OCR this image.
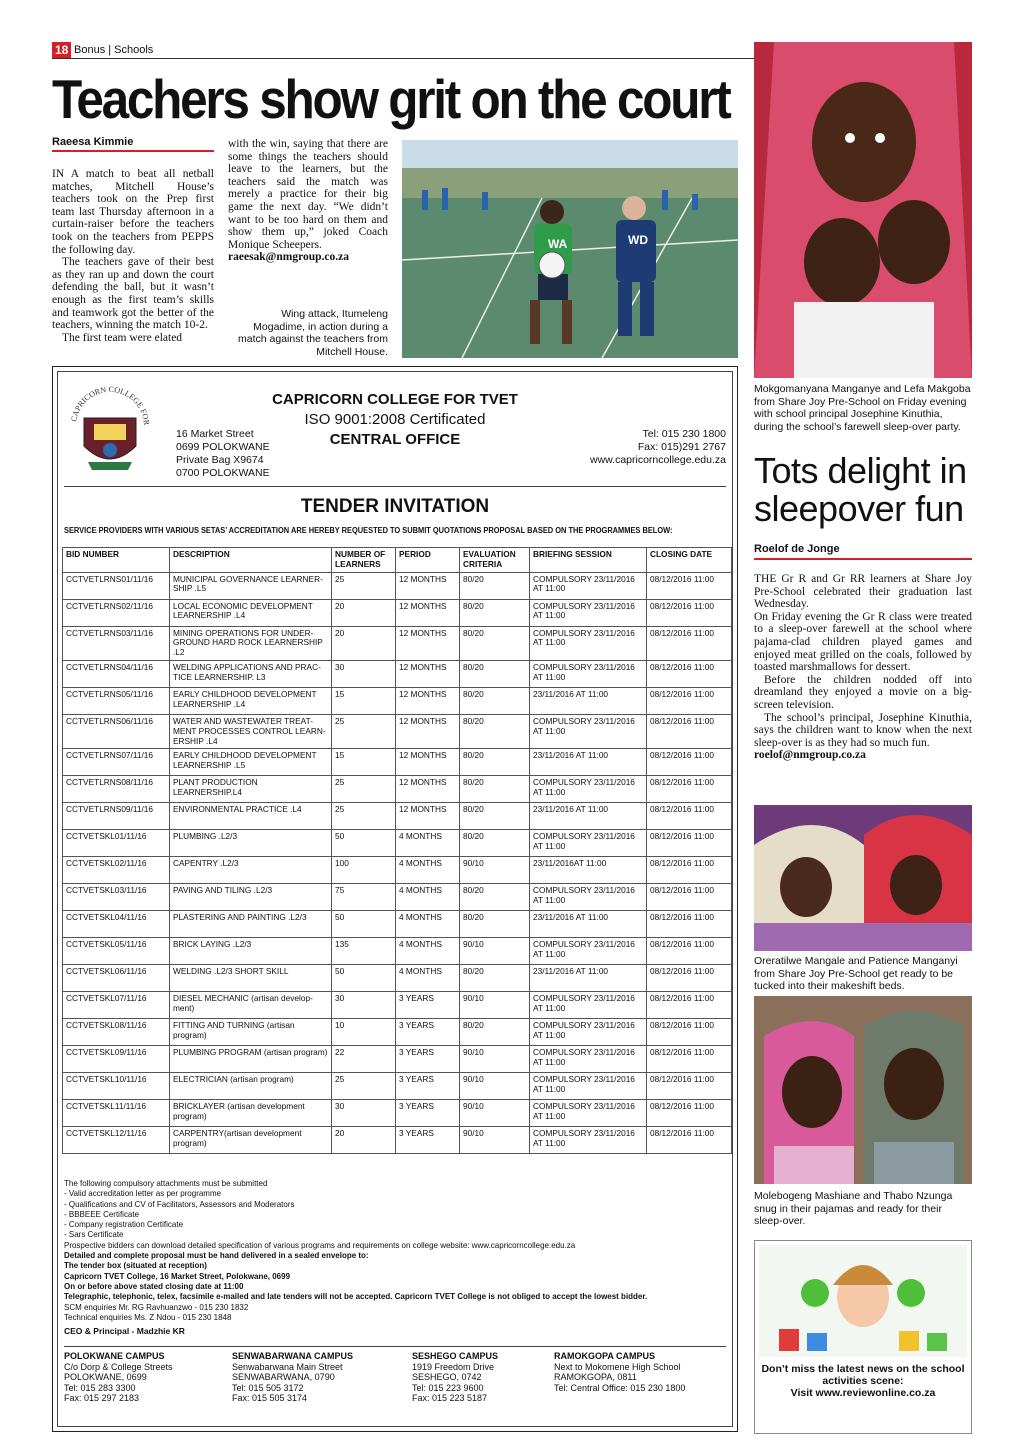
18 Bonus | Schools
Teachers show grit on the court
Raeesa Kimmie

IN A match to beat all netball matches, Mitchell House’s teachers took on the Prep first team last Thursday afternoon in a curtain-raiser before the teachers took on the teachers from PEPPS the following day.

The teachers gave of their best as they ran up and down the court defending the ball, but it wasn’t enough as the first team’s skills and teamwork got the better of the teachers, winning the match 10-2.

The first team were elated

with the win, saying that there are some things the teachers should leave to the learners, but the teachers said the match was merely a practice for their big game the next day. “We didn’t want to be too hard on them and show them up,” joked Coach Monique Scheepers.

raeesak@nmgroup.co.za

Wing attack, Itumeleng Mogadime, in action during a match against the teachers from Mitchell House.
WA	WD
CAPRICORN COLLEGE FOR
16 Market Street
0699 POLOKWANE
Private Bag X9674
0700 POLOKWANE
CAPRICORN COLLEGE FOR TVET
ISO 9001:2008 Certificated
CENTRAL OFFICE	Tel: 015 230 1800
Fax: 015)291 2767
www.capricorncollege.edu.za
TENDER INVITATION
SERVICE PROVIDERS WITH VARIOUS SETAS’ ACCREDITATION ARE HEREBY REQUESTED TO SUBMIT QUOTATIONS PROPOSAL BASED ON THE PROGRAMMES BELOW:
BID NUMBER	DESCRIPTION	NUMBER OF LEARNERS	PERIOD	EVALUATION CRITERIA	BRIEFING SESSION	CLOSING DATE
CCTVETLRNS01/11/16	MUNICIPAL GOVERNANCE LEARNER-SHIP .L5	25	12 MONTHS	80/20	COMPULSORY 23/11/2016 AT 11:00	08/12/2016 11:00
CCTVETLRNS02/11/16	LOCAL ECONOMIC DEVELOPMENT LEARNERSHIP .L4	20	12 MONTHS	80/20	COMPULSORY 23/11/2016 AT 11:00	08/12/2016 11:00
CCTVETLRNS03/11/16	MINING OPERATIONS FOR UNDER-GROUND HARD ROCK LEARNERSHIP .L2	20	12 MONTHS	80/20	COMPULSORY 23/11/2016 AT 11:00	08/12/2016 11:00
CCTVETLRNS04/11/16	WELDING APPLICATIONS AND PRAC-TICE LEARNERSHIP. L3	30	12 MONTHS	80/20	COMPULSORY 23/11/2016 AT 11:00	08/12/2016 11:00
CCTVETLRNS05/11/16	EARLY CHILDHOOD DEVELOPMENT LEARNERSHIP .L4	15	12 MONTHS	80/20	23/11/2016 AT 11:00	08/12/2016 11:00
CCTVETLRNS06/11/16	WATER AND WASTEWATER TREAT-MENT PROCESSES CONTROL LEARN-ERSHIP .L4	25	12 MONTHS	80/20	COMPULSORY 23/11/2016 AT 11:00	08/12/2016 11:00
CCTVETLRNS07/11/16	EARLY CHILDHOOD DEVELOPMENT LEARNERSHIP .L5	15	12 MONTHS	80/20	23/11/2016 AT 11:00	08/12/2016 11:00
CCTVETLRNS08/11/16	PLANT PRODUCTION LEARNERSHIP.L4	25	12 MONTHS	80/20	COMPULSORY 23/11/2016 AT 11:00	08/12/2016 11:00
CCTVETLRNS09/11/16	ENVIRONMENTAL PRACTICE .L4	25	12 MONTHS	80/20	23/11/2016 AT 11:00	08/12/2016 11:00
CCTVETSKL01/11/16	PLUMBING .L2/3	50	4 MONTHS	80/20	COMPULSORY 23/11/2016 AT 11:00	08/12/2016 11:00
CCTVETSKL02/11/16	CAPENTRY .L2/3	100	4 MONTHS	90/10	23/11/2016AT 11:00	08/12/2016 11:00
CCTVETSKL03/11/16	PAVING AND TILING .L2/3	75	4 MONTHS	80/20	COMPULSORY 23/11/2016 AT 11:00	08/12/2016 11:00
CCTVETSKL04/11/16	PLASTERING AND PAINTING .L2/3	50	4 MONTHS	80/20	23/11/2016 AT 11:00	08/12/2016 11:00
CCTVETSKL05/11/16	BRICK LAYING .L2/3	135	4 MONTHS	90/10	COMPULSORY 23/11/2016 AT 11:00	08/12/2016 11:00
CCTVETSKL06/11/16	WELDING .L2/3 SHORT SKILL	50	4 MONTHS	80/20	23/11/2016 AT 11:00	08/12/2016 11:00
CCTVETSKL07/11/16	DIESEL MECHANIC (artisan develop-ment)	30	3 YEARS	90/10	COMPULSORY 23/11/2016 AT 11:00	08/12/2016 11:00
CCTVETSKL08/11/16	FITTING AND TURNING (artisan program)	10	3 YEARS	80/20	COMPULSORY 23/11/2016 AT 11:00	08/12/2016 11:00
CCTVETSKL09/11/16	PLUMBING PROGRAM (artisan program)	22	3 YEARS	90/10	COMPULSORY 23/11/2016 AT 11:00	08/12/2016 11:00
CCTVETSKL10/11/16	ELECTRICIAN (artisan program)	25	3 YEARS	90/10	COMPULSORY 23/11/2016 AT 11:00	08/12/2016 11:00
CCTVETSKL11/11/16	BRICKLAYER (artisan development program)	30	3 YEARS	90/10	COMPULSORY 23/11/2016 AT 11:00	08/12/2016 11:00
CCTVETSKL12/11/16	CARPENTRY(artisan development program)	20	3 YEARS	90/10	COMPULSORY 23/11/2016 AT 11:00	08/12/2016 11:00
The following compulsory attachments must be submitted
- Valid accreditation letter as per programme
- Qualifications and CV of Facilitators, Assessors and Moderators
- BBBEEE Certificate
- Company registration Certificate
- Sars Certificate
Prospective bidders can download detailed specification of various programs and requirements on college website: www.capricorncollege.edu.za
Detailed and complete proposal must be hand delivered in a sealed envelope to:
The tender box (situated at reception)
Capricorn TVET College, 16 Market Street, Polokwane, 0699
On or before above stated closing date at 11:00
Telegraphic, telephonic, telex, facsimile e-mailed and late tenders will not be accepted. Capricorn TVET College is not obliged to accept the lowest bidder.
SCM enquiries Mr. RG Ravhuanzwo - 015 230 1832
Technical enquiries Ms. Z Ndou - 015 230 1848
CEO & Principal - Madzhie KR
POLOKWANE CAMPUS
C/o Dorp & College Streets
POLOKWANE, 0699
Tel: 015 283 3300
Fax: 015 297 2183
SENWABARWANA CAMPUS
Senwabarwana Main Street
SENWABARWANA, 0790
Tel: 015 505 3172
Fax: 015 505 3174
SESHEGO CAMPUS
1919 Freedom Drive
SESHEGO, 0742
Tel: 015 223 9600
Fax: 015 223 5187
RAMOKGOPA CAMPUS
Next to Mokomene High School
RAMOKGOPA, 0811
Tel: Central Office: 015 230 1800
Mokgomanyana Manganye and Lefa Makgoba from Share Joy Pre-School on Friday evening with school principal Josephine Kinuthia, during the school’s farewell sleep-over party.
Tots delight in sleepover fun
Roelof de Jonge

THE Gr R and Gr RR learners at Share Joy Pre-School celebrated their graduation last Wednesday.

On Friday evening the Gr R class were treated to a sleep-over farewell at the school where pajama-clad children played games and enjoyed meat grilled on the coals, followed by toasted marshmallows for dessert.

Before the children nodded off into dreamland they enjoyed a movie on a big-screen television.

The school’s principal, Josephine Kinuthia, says the children want to know when the next sleep-over is as they had so much fun.

roelof@nmgroup.co.za

Oreratilwe Mangale and Patience Manganyi from Share Joy Pre-School get ready to be tucked into their makeshift beds.
Molebogeng Mashiane and Thabo Nzunga snug in their pajamas and ready for their sleep-over.
Don’t miss the latest news on the school
activities scene:
Visit www.reviewonline.co.za
